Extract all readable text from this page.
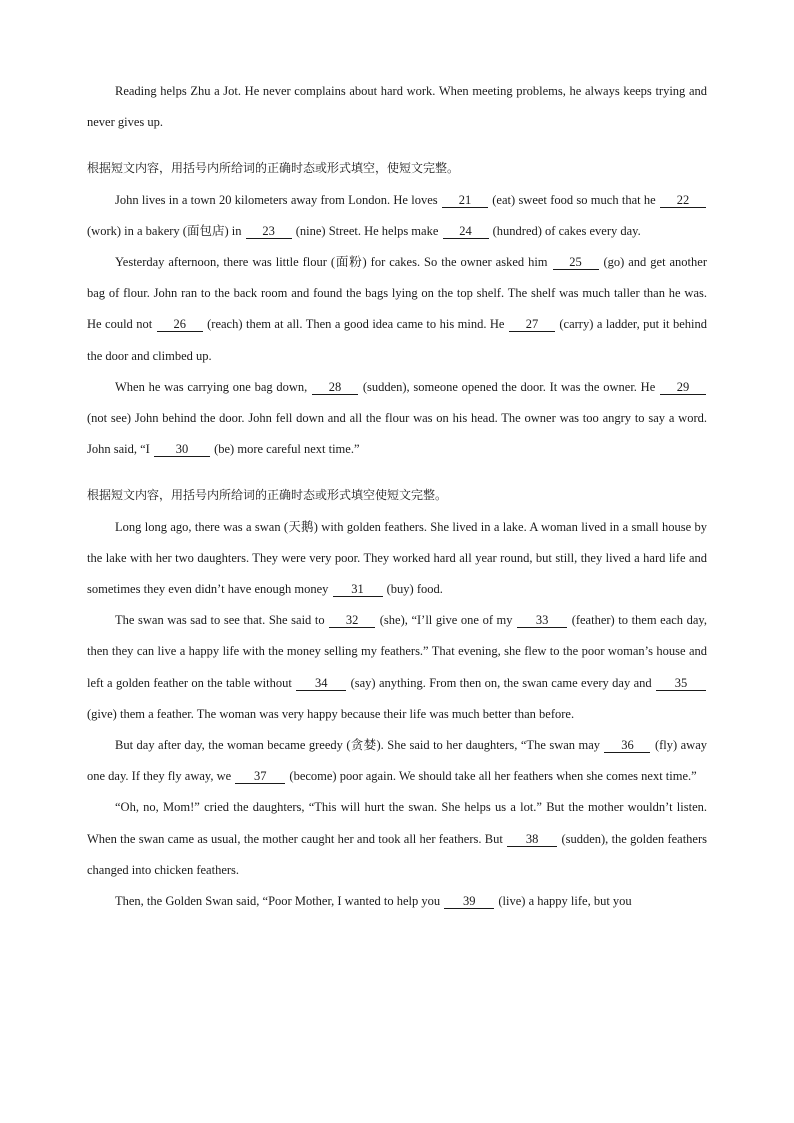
Reading helps Zhu a Jot. He never complains about hard work. When meeting problems, he always keeps trying and never gives up.

根据短文内容，用括号内所给词的正确时态或形式填空，使短文完整。

John lives in a town 20 kilometers away from London. He loves 21 (eat) sweet food so much that he 22 (work) in a bakery (面包店) in 23 (nine) Street. He helps make 24 (hundred) of cakes every day.

Yesterday afternoon, there was little flour (面粉) for cakes. So the owner asked him 25 (go) and get another bag of flour. John ran to the back room and found the bags lying on the top shelf. The shelf was much taller than he was. He could not 26 (reach) them at all. Then a good idea came to his mind. He 27 (carry) a ladder, put it behind the door and climbed up.

When he was carrying one bag down, 28 (sudden), someone opened the door. It was the owner. He 29 (not see) John behind the door. John fell down and all the flour was on his head. The owner was too angry to say a word. John said, “I 30 (be) more careful next time.”

根据短文内容，用括号内所给词的正确时态或形式填空使短文完整。

Long long ago, there was a swan (天鹅) with golden feathers. She lived in a lake. A woman lived in a small house by the lake with her two daughters. They were very poor. They worked hard all year round, but still, they lived a hard life and sometimes they even didn’t have enough money 31 (buy) food.

The swan was sad to see that. She said to 32 (she), “I’ll give one of my 33 (feather) to them each day, then they can live a happy life with the money selling my feathers.” That evening, she flew to the poor woman’s house and left a golden feather on the table without 34 (say) anything. From then on, the swan came every day and 35 (give) them a feather. The woman was very happy because their life was much better than before.

But day after day, the woman became greedy (贪婪). She said to her daughters, “The swan may 36 (fly) away one day. If they fly away, we 37 (become) poor again. We should take all her feathers when she comes next time.”

“Oh, no, Mom!” cried the daughters, “This will hurt the swan. She helps us a lot.” But the mother wouldn’t listen. When the swan came as usual, the mother caught her and took all her feathers. But 38 (sudden), the golden feathers changed into chicken feathers.

Then, the Golden Swan said, “Poor Mother, I wanted to help you 39 (live) a happy life, but you
